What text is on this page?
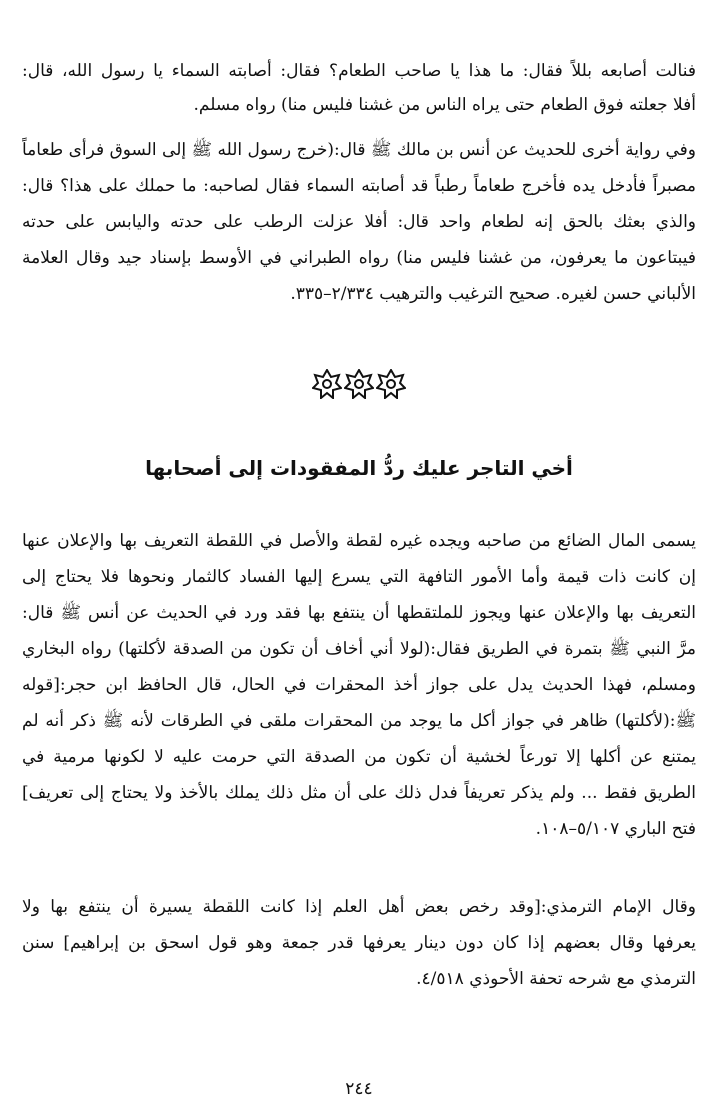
فنالت أصابعه بللاً فقال: ما هذا يا صاحب الطعام؟ فقال: أصابته السماء يا رسول الله، قال:
أفلا جعلته فوق الطعام حتى يراه الناس من غشنا فليس منا) رواه مسلم.
وفي رواية أخرى للحديث عن أنس بن مالك ﷺ قال:(خرج رسول الله ﷺ إلى السوق فرأى طعاماً
مصبراً فأدخل يده فأخرج طعاماً رطباً قد أصابته السماء فقال لصاحبه: ما حملك على هذا؟ قال:
والذي بعثك بالحق إنه لطعام واحد قال: أفلا عزلت الرطب على حدته واليابس على حدته
فيبتاعون ما يعرفون، من غشنا فليس منا) رواه الطبراني في الأوسط بإسناد جيد وقال العلامة
الألباني حسن لغيره. صحيح الترغيب والترهيب ٢/٣٣٤–٣٣٥.
أخي التاجر عليك ردُّ المفقودات إلى أصحابها
يسمى المال الضائع من صاحبه ويجده غيره لقطة والأصل في اللقطة التعريف بها والإعلان عنها
إن كانت ذات قيمة وأما الأمور التافهة التي يسرع إليها الفساد كالثمار ونحوها فلا يحتاج إلى
التعريف بها والإعلان عنها ويجوز للملتقطها أن ينتفع بها فقد ورد في الحديث عن أنس ﷺ قال:
مرَّ النبي ﷺ بتمرة في الطريق فقال:(لولا أني أخاف أن تكون من الصدقة لأكلتها) رواه البخاري
ومسلم، فهذا الحديث يدل على جواز أخذ المحقرات في الحال، قال الحافظ ابن حجر:[قوله
ﷺ:(لأكلتها) ظاهر في جواز أكل ما يوجد من المحقرات ملقى في الطرقات لأنه ﷺ ذكر أنه لم
يمتنع عن أكلها إلا تورعاً لخشية أن تكون من الصدقة التي حرمت عليه لا لكونها مرمية في
الطريق فقط ... ولم يذكر تعريفاً فدل ذلك على أن مثل ذلك يملك بالأخذ ولا يحتاج إلى تعريف]
فتح الباري ٥/١٠٧–١٠٨.
وقال الإمام الترمذي:[وقد رخص بعض أهل العلم إذا كانت اللقطة يسيرة أن ينتفع بها ولا
يعرفها وقال بعضهم إذا كان دون دينار يعرفها قدر جمعة وهو قول اسحق بن إبراهيم] سنن
الترمذي مع شرحه تحفة الأحوذي ٤/٥١٨.
٢٤٤
